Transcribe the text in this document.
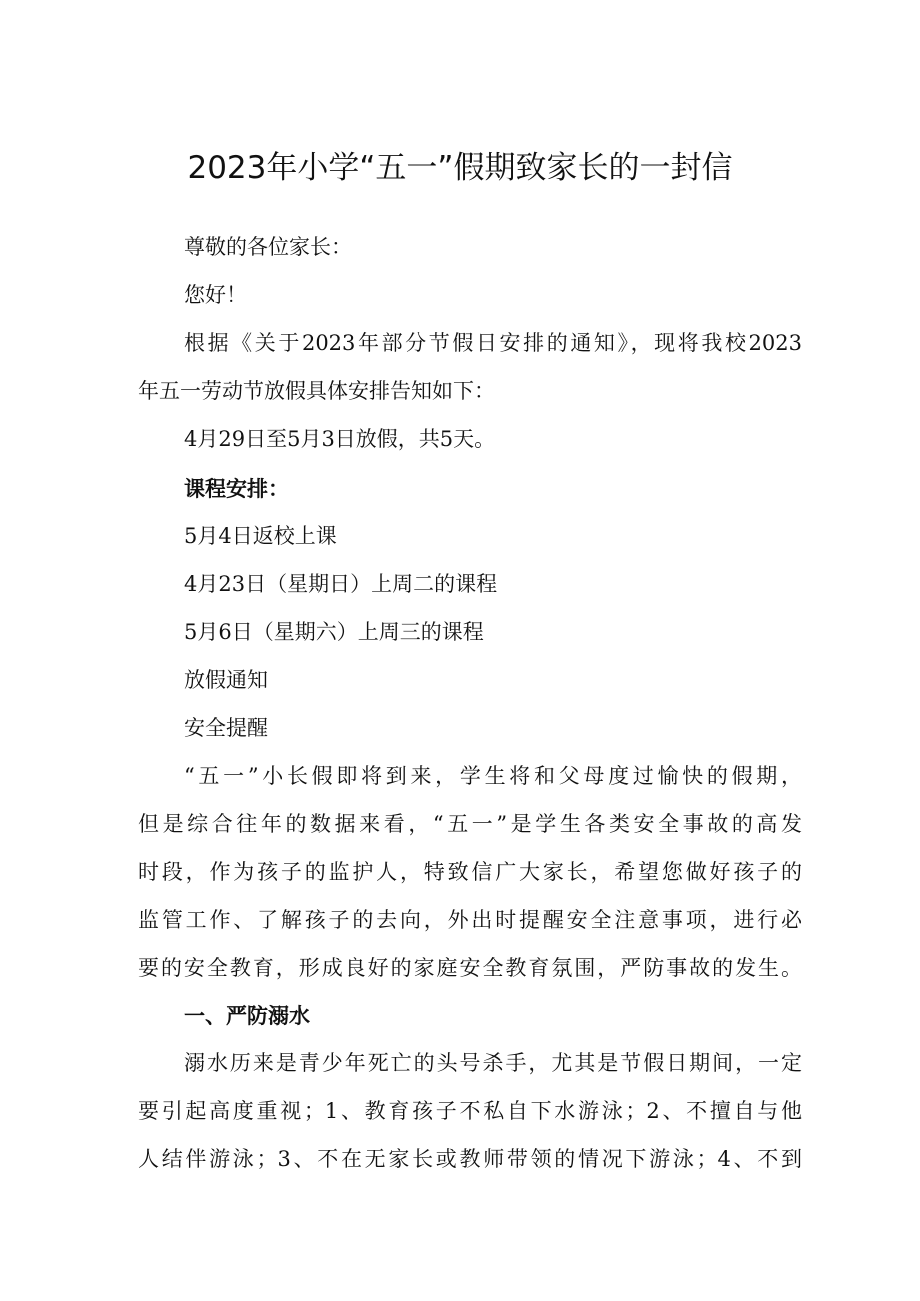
2023年小学“五一”假期致家长的一封信

尊敬的各位家长：

您好！

根据《关于2023年部分节假日安排的通知》，现将我校2023

年五一劳动节放假具体安排告知如下：

4月29日至5月3日放假，共5天。

课程安排：

5月4日返校上课

4月23日（星期日）上周二的课程

5月6日（星期六）上周三的课程

放假通知

安全提醒

“五一”小长假即将到来，学生将和父母度过愉快的假期，

但是综合往年的数据来看，“五一”是学生各类安全事故的高发

时段，作为孩子的监护人，特致信广大家长，希望您做好孩子的

监管工作、了解孩子的去向，外出时提醒安全注意事项，进行必

要的安全教育，形成良好的家庭安全教育氛围，严防事故的发生。

一、严防溺水

溺水历来是青少年死亡的头号杀手，尤其是节假日期间，一定

要引起高度重视；1、教育孩子不私自下水游泳；2、不擅自与他

人结伴游泳；3、不在无家长或教师带领的情况下游泳；4、不到
